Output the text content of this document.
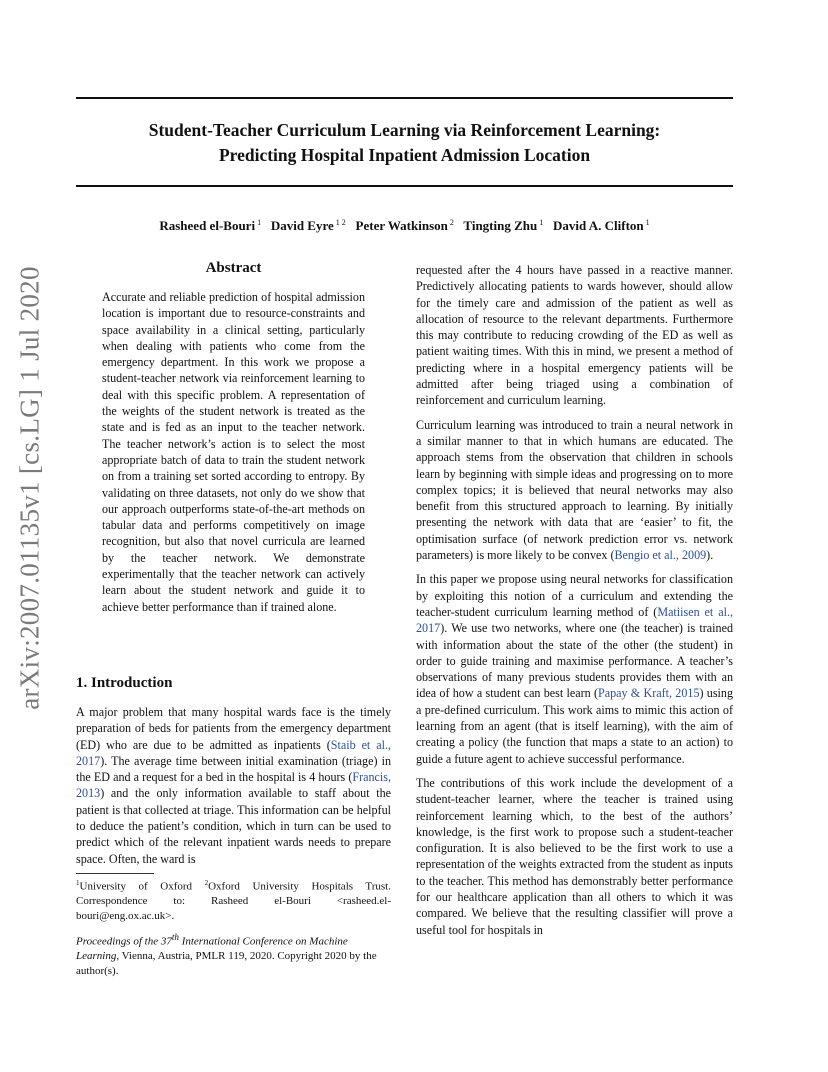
arXiv:2007.01135v1 [cs.LG] 1 Jul 2020
Student-Teacher Curriculum Learning via Reinforcement Learning:
Predicting Hospital Inpatient Admission Location
Rasheed el-Bouri $^1$ David Eyre $^{1 2}$ Peter Watkinson $^2$ Tingting Zhu $^1$ David A. Clifton $^1$
Abstract
Accurate and reliable prediction of hospital admission location is important due to resource-constraints and space availability in a clinical setting, particularly when dealing with patients who come from the emergency department. In this work we propose a student-teacher network via reinforcement learning to deal with this specific problem. A representation of the weights of the student network is treated as the state and is fed as an input to the teacher network. The teacher network’s action is to select the most appropriate batch of data to train the student network on from a training set sorted according to entropy. By validating on three datasets, not only do we show that our approach outperforms state-of-the-art methods on tabular data and performs competitively on image recognition, but also that novel curricula are learned by the teacher network. We demonstrate experimentally that the teacher network can actively learn about the student network and guide it to achieve better performance than if trained alone.
1. Introduction

A major problem that many hospital wards face is the timely preparation of beds for patients from the emergency department (ED) who are due to be admitted as inpatients (Staib et al., 2017). The average time between initial examination (triage) in the ED and a request for a bed in the hospital is 4 hours (Francis, 2013) and the only information available to staff about the patient is that collected at triage. This information can be helpful to deduce the patient’s condition, which in turn can be used to predict which of the relevant inpatient wards needs to prepare space. Often, the ward is

$^1$University of Oxford $^2$Oxford University Hospitals Trust. Correspondence to: Rasheed el-Bouri <rasheed.el-bouri@eng.ox.ac.uk>.
Proceedings of the 37th International Conference on Machine Learning, Vienna, Austria, PMLR 119, 2020. Copyright 2020 by the author(s).

requested after the 4 hours have passed in a reactive manner. Predictively allocating patients to wards however, should allow for the timely care and admission of the patient as well as allocation of resource to the relevant departments. Furthermore this may contribute to reducing crowding of the ED as well as patient waiting times. With this in mind, we present a method of predicting where in a hospital emergency patients will be admitted after being triaged using a combination of reinforcement and curriculum learning.

Curriculum learning was introduced to train a neural network in a similar manner to that in which humans are educated. The approach stems from the observation that children in schools learn by beginning with simple ideas and progressing on to more complex topics; it is believed that neural networks may also benefit from this structured approach to learning. By initially presenting the network with data that are ‘easier’ to fit, the optimisation surface (of network prediction error vs. network parameters) is more likely to be convex (Bengio et al., 2009).

In this paper we propose using neural networks for classification by exploiting this notion of a curriculum and extending the teacher-student curriculum learning method of (Matiisen et al., 2017). We use two networks, where one (the teacher) is trained with information about the state of the other (the student) in order to guide training and maximise performance. A teacher’s observations of many previous students provides them with an idea of how a student can best learn (Papay & Kraft, 2015) using a pre-defined curriculum. This work aims to mimic this action of learning from an agent (that is itself learning), with the aim of creating a policy (the function that maps a state to an action) to guide a future agent to achieve successful performance.

The contributions of this work include the development of a student-teacher learner, where the teacher is trained using reinforcement learning which, to the best of the authors’ knowledge, is the first work to propose such a student-teacher configuration. It is also believed to be the first work to use a representation of the weights extracted from the student as inputs to the teacher. This method has demonstrably better performance for our healthcare application than all others to which it was compared. We believe that the resulting classifier will prove a useful tool for hospitals in
